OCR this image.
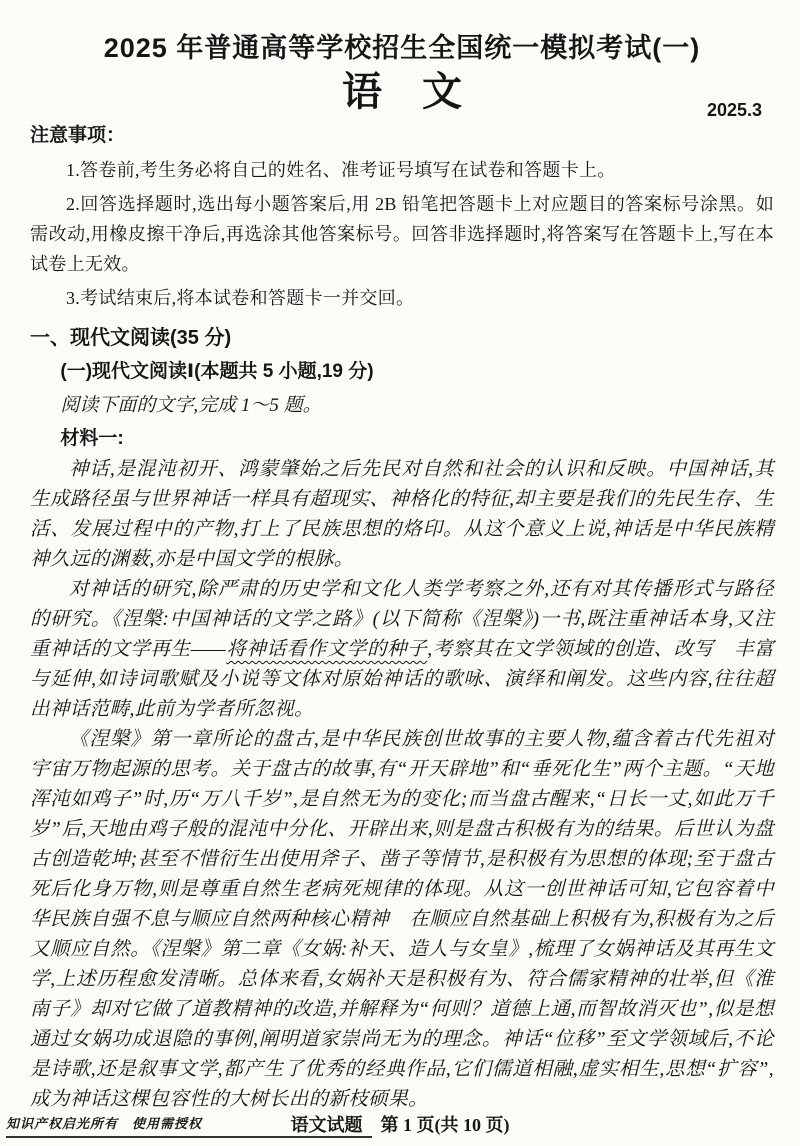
2025 年普通高等学校招生全国统一模拟考试(一)
语　文	2025.3
注意事项：

1.答卷前,考生务必将自己的姓名、准考证号填写在试卷和答题卡上。

2.回答选择题时,选出每小题答案后,用 2B 铅笔把答题卡上对应题目的答案标号涂黑。如需改动,用橡皮擦干净后,再选涂其他答案标号。回答非选择题时,将答案写在答题卡上,写在本试卷上无效。

3.考试结束后,将本试卷和答题卡一并交回。

一、现代文阅读(35 分)
(一)现代文阅读Ⅰ(本题共 5 小题,19 分)

阅读下面的文字,完成 1～5 题。

材料一:

神话,是混沌初开、鸿蒙肇始之后先民对自然和社会的认识和反映。中国神话,其生成路径虽与世界神话一样具有超现实、神格化的特征,却主要是我们的先民生存、生活、发展过程中的产物,打上了民族思想的烙印。从这个意义上说,神话是中华民族精神久远的渊薮,亦是中国文学的根脉。

对神话的研究,除严肃的历史学和文化人类学考察之外,还有对其传播形式与路径的研究。《涅槃:中国神话的文学之路》(以下简称《涅槃》)一书,既注重神话本身,又注重神话的文学再生——将神话看作文学的种子,考察其在文学领域的创造、改写　丰富与延伸,如诗词歌赋及小说等文体对原始神话的歌咏、演绎和阐发。这些内容,往往超出神话范畴,此前为学者所忽视。

《涅槃》第一章所论的盘古,是中华民族创世故事的主要人物,蕴含着古代先祖对宇宙万物起源的思考。关于盘古的故事,有“开天辟地”和“垂死化生”两个主题。“天地浑沌如鸡子”时,历“万八千岁”,是自然无为的变化;而当盘古醒来,“日长一丈,如此万千岁”后,天地由鸡子般的混沌中分化、开辟出来,则是盘古积极有为的结果。后世认为盘古创造乾坤;甚至不惜衍生出使用斧子、凿子等情节,是积极有为思想的体现;至于盘古死后化身万物,则是尊重自然生老病死规律的体现。从这一创世神话可知,它包容着中华民族自强不息与顺应自然两种核心精神　在顺应自然基础上积极有为,积极有为之后又顺应自然。《涅槃》第二章《女娲:补天、造人与女皇》,梳理了女娲神话及其再生文学,上述历程愈发清晰。总体来看,女娲补天是积极有为、符合儒家精神的壮举,但《淮南子》却对它做了道教精神的改造,并解释为“何则？道德上通,而智故消灭也”,似是想通过女娲功成退隐的事例,阐明道家崇尚无为的理念。神话“位移”至文学领域后,不论是诗歌,还是叙事文学,都产生了优秀的经典作品,它们儒道相融,虚实相生,思想“扩容”,成为神话这棵包容性的大树长出的新枝硕果。

知识产权启光所有　使用需授权	语文试题　第 1 页(共 10 页)
